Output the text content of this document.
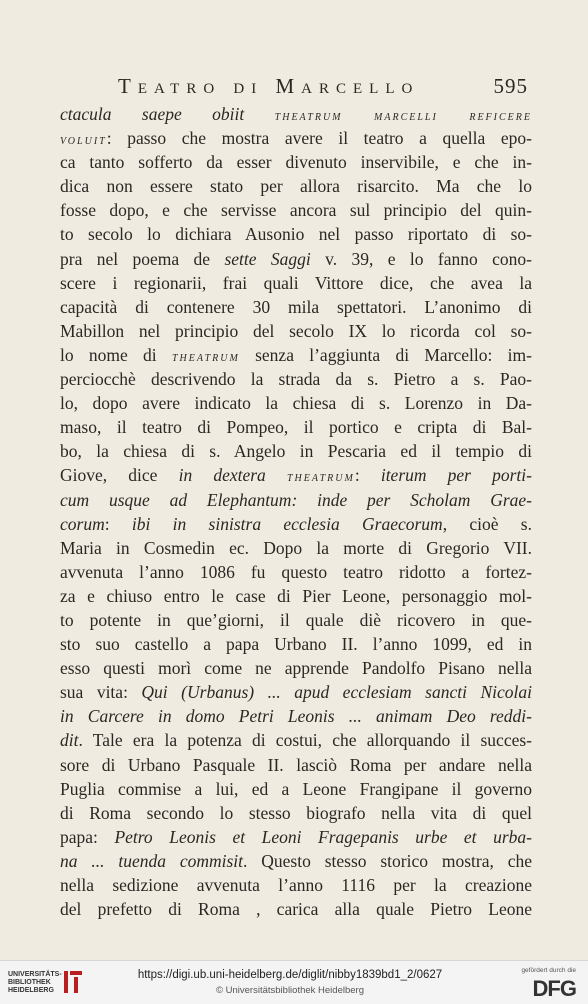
Teatro di Marcello	595
ctacula saepe obiit theatrum marcelli reficere
voluit: passo che mostra avere il teatro a quella epo-
ca tanto sofferto da esser divenuto inservibile, e che in-
dica non essere stato per allora risarcito. Ma che lo
fosse dopo, e che servisse ancora sul principio del quin-
to secolo lo dichiara Ausonio nel passo riportato di so-
pra nel poema de sette Saggi v. 39, e lo fanno cono-
scere i regionarii, frai quali Vittore dice, che avea la
capacità di contenere 30 mila spettatori. L’anonimo di
Mabillon nel principio del secolo IX lo ricorda col so-
lo nome di theatrum senza l’aggiunta di Marcello: im-
perciocchè descrivendo la strada da s. Pietro a s. Pao-
lo, dopo avere indicato la chiesa di s. Lorenzo in Da-
maso, il teatro di Pompeo, il portico e cripta di Bal-
bo, la chiesa di s. Angelo in Pescaria ed il tempio di
Giove, dice in dextera theatrum: iterum per porti-
cum usque ad Elephantum: inde per Scholam Grae-
corum: ibi in sinistra ecclesia Graecorum, cioè s.
Maria in Cosmedin ec. Dopo la morte di Gregorio VII.
avvenuta l’anno 1086 fu questo teatro ridotto a fortez-
za e chiuso entro le case di Pier Leone, personaggio mol-
to potente in que’giorni, il quale diè ricovero in que-
sto suo castello a papa Urbano II. l’anno 1099, ed in
esso questi morì come ne apprende Pandolfo Pisano nella
sua vita: Qui (Urbanus) ... apud ecclesiam sancti Nicolai
in Carcere in domo Petri Leonis ... animam Deo reddi-
dit. Tale era la potenza di costui, che allorquando il succes-
sore di Urbano Pasquale II. lasciò Roma per andare nella
Puglia commise a lui, ed a Leone Frangipane il governo
di Roma secondo lo stesso biografo nella vita di quel
papa: Petro Leonis et Leoni Fragepanis urbe et urba-
na ... tuenda commisit. Questo stesso storico mostra, che
nella sedizione avvenuta l’anno 1116 per la creazione
del prefetto di Roma , carica alla quale Pietro Leone
UNIVERSITÄTS-BIBLIOTHEK HEIDELBERG
https://digi.ub.uni-heidelberg.de/diglit/nibby1839bd1_2/0627
© Universitätsbibliothek Heidelberg
gefördert durch die
DFG
